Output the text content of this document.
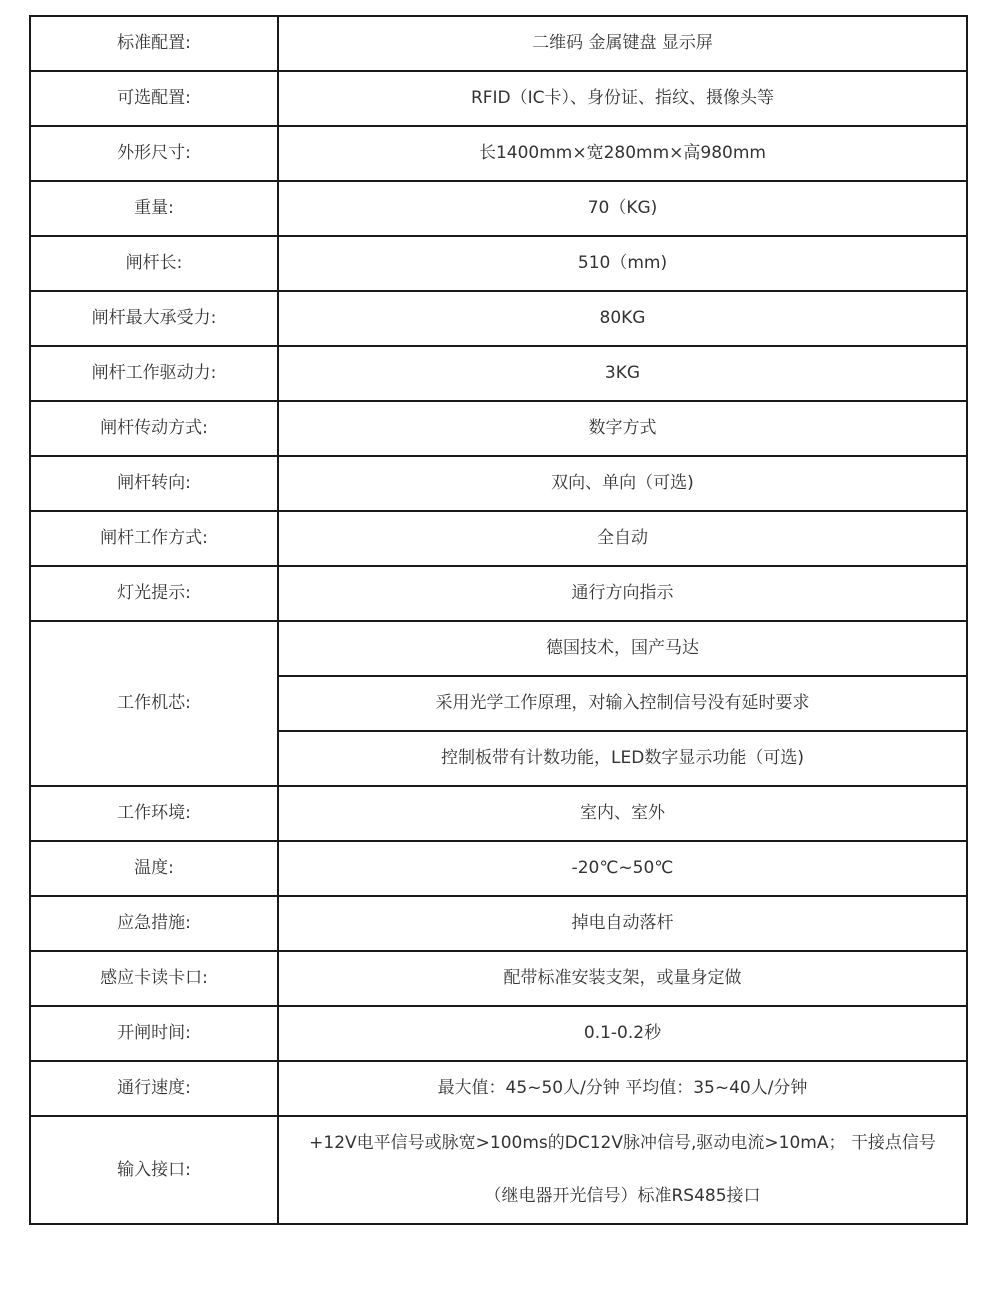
标准配置:	二维码 金属键盘 显示屏
可选配置:	RFID（IC卡）、身份证、指纹、摄像头等
外形尺寸:	长1400mm×宽280mm×高980mm
重量:	70（KG)
闸杆长:	510（mm)
闸杆最大承受力:	80KG
闸杆工作驱动力:	3KG
闸杆传动方式:	数字方式
闸杆转向:	双向、单向（可选)
闸杆工作方式:	全自动
灯光提示:	通行方向指示
工作机芯:	德国技术，国产马达
	采用光学工作原理，对输入控制信号没有延时要求
	控制板带有计数功能，LED数字显示功能（可选)
工作环境:	室内、室外
温度:	-20℃~50℃
应急措施:	掉电自动落杆
感应卡读卡口:	配带标准安装支架，或量身定做
开闸时间:	0.1-0.2秒
通行速度:	最大值：45~50人/分钟 平均值：35~40人/分钟
输入接口:	+12V电平信号或脉宽>100ms的DC12V脉冲信号,驱动电流>10mA； 干接点信号
（继电器开光信号）标准RS485接口
